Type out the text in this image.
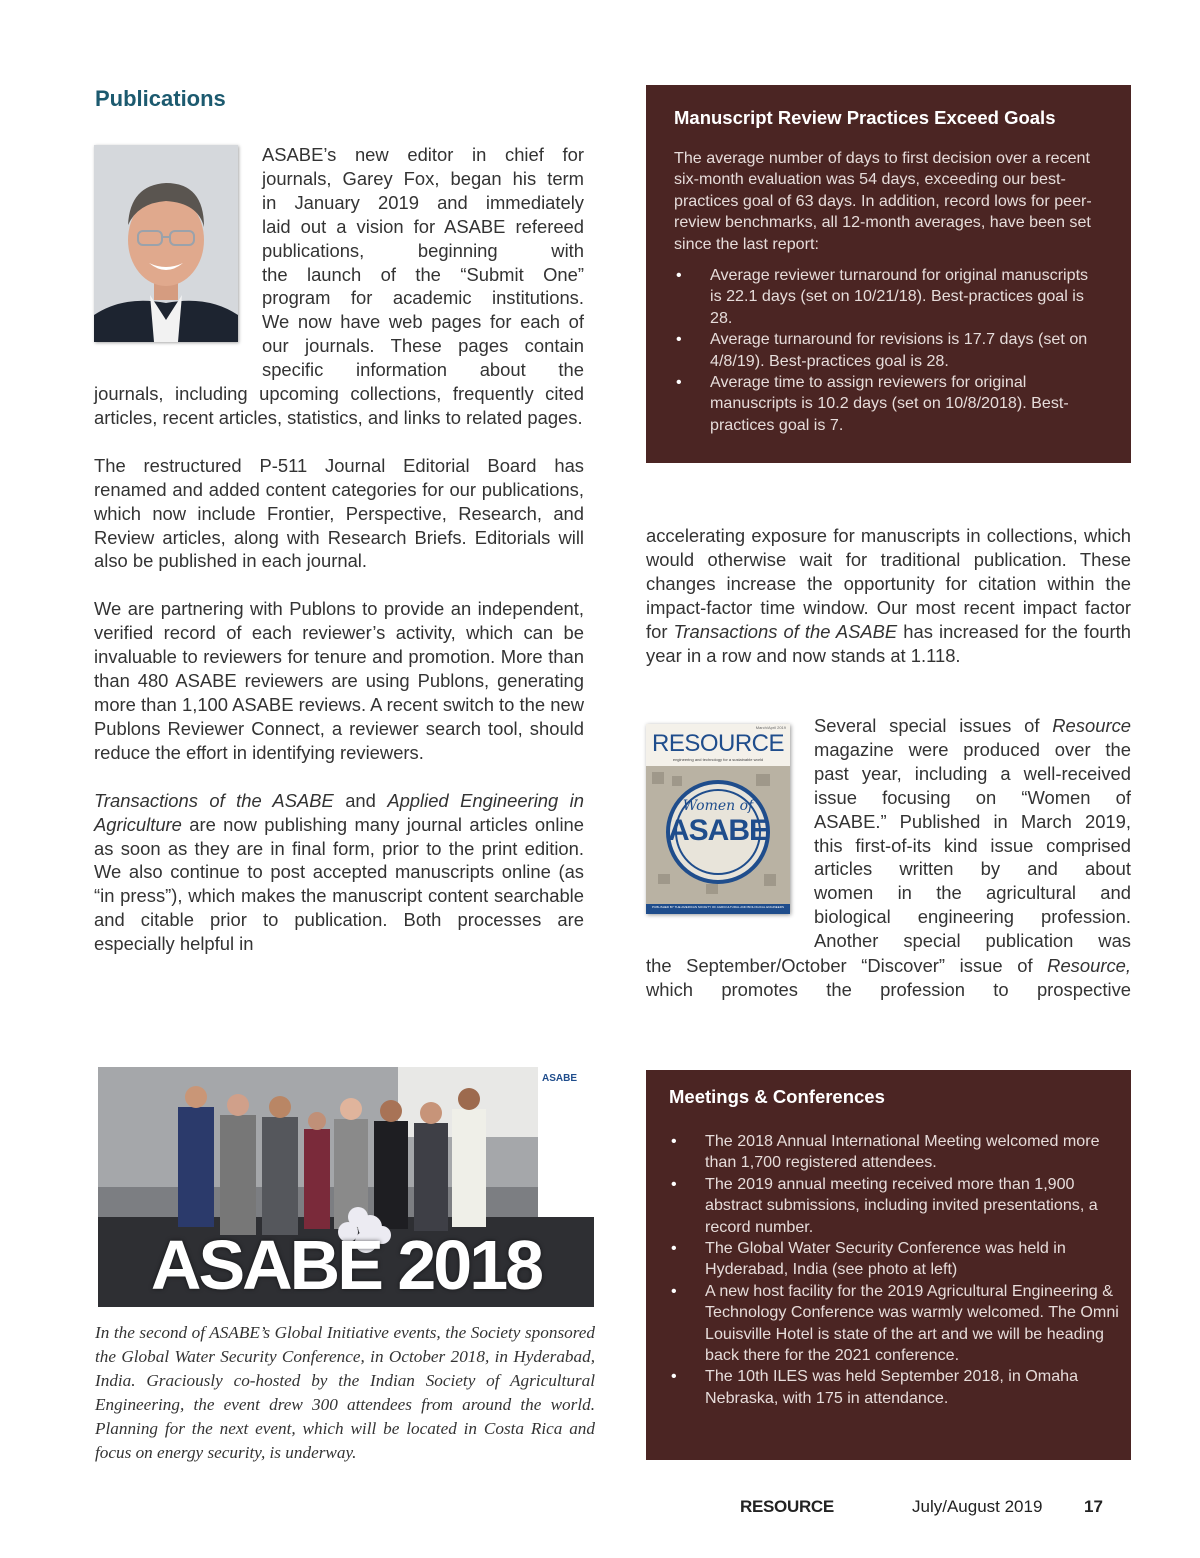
Publications
ASABE’s new editor in chief for
journals, Garey Fox, began his term
in January 2019 and immediately
laid out a vision for ASABE refereed
publications, beginning with
the launch of the “Submit One”
program for academic institutions.
We now have web pages for each of
our journals. These pages contain
specific information about the

journals, including upcoming collections, frequently cited articles, recent articles, statistics, and links to related pages.

The restructured P-511 Journal Editorial Board has renamed and added content categories for our publications, which now include Frontier, Perspective, Research, and Review articles, along with Research Briefs. Editorials will also be published in each journal.

We are partnering with Publons to provide an independent, verified record of each reviewer’s activity, which can be invaluable to reviewers for tenure and promotion. More than than 480 ASABE reviewers are using Publons, generating more than 1,100 ASABE reviews. A recent switch to the new Publons Reviewer Connect, a reviewer search tool, should reduce the effort in identifying reviewers.

Transactions of the ASABE and Applied Engineering in Agriculture are now publishing many journal articles online as soon as they are in final form, prior to the print edition. We also continue to post accepted manuscripts online (as “in press”), which makes the manuscript content searchable and citable prior to publication. Both processes are especially helpful in

Manuscript Review Practices Exceed Goals
The average number of days to first decision over a recent six-month evaluation was 54 days, exceeding our best-practices goal of 63 days. In addition, record lows for peer-review benchmarks, all 12-month averages, have been set since the last report:
• Average reviewer turnaround for original manuscripts is 22.1 days (set on 10/21/18). Best-practices goal is 28.
• Average turnaround for revisions is 17.7 days (set on 4/8/19). Best-practices goal is 28.
• Average time to assign reviewers for original manuscripts is 10.2 days (set on 10/8/2018). Best-practices goal is 7.

accelerating exposure for manuscripts in collections, which would otherwise wait for traditional publication. These changes increase the opportunity for citation within the impact-factor time window. Our most recent impact factor for Transactions of the ASABE has increased for the fourth year in a row and now stands at 1.118.

RESOURCE
engineering and technology for a sustainable world
March/April 2019
Women of
ASABE
PUBLISHED BY THE AMERICAN SOCIETY OF AGRICULTURAL AND BIOLOGICAL ENGINEERS
Several special issues of Resource
magazine were produced over the
past year, including a well-received
issue focusing on “Women of
ASABE.” Published in March 2019,
this first-of-its kind issue comprised
articles written by and about
women in the agricultural and
biological engineering profession.
Another special publication was
the September/October “Discover” issue of Resource, which promotes the profession to prospective
ASABE
ASABE 2018
In the second of ASABE’s Global Initiative events, the Society sponsored the Global Water Security Conference, in October 2018, in Hyderabad, India. Graciously co-hosted by the Indian Society of Agricultural Engineering, the event drew 300 attendees from around the world. Planning for the next event, which will be located in Costa Rica and focus on energy security, is underway.
Meetings & Conferences
• The 2018 Annual International Meeting welcomed more than 1,700 registered attendees.
• The 2019 annual meeting received more than 1,900 abstract submissions, including invited presentations, a record number.
• The Global Water Security Conference was held in Hyderabad, India (see photo at left)
• A new host facility for the 2019 Agricultural Engineering & Technology Conference was warmly welcomed. The Omni Louisville Hotel is state of the art and we will be heading back there for the 2021 conference.
• The 10th ILES was held September 2018, in Omaha Nebraska, with 175 in attendance.
RESOURCE	July/August 2019 17
